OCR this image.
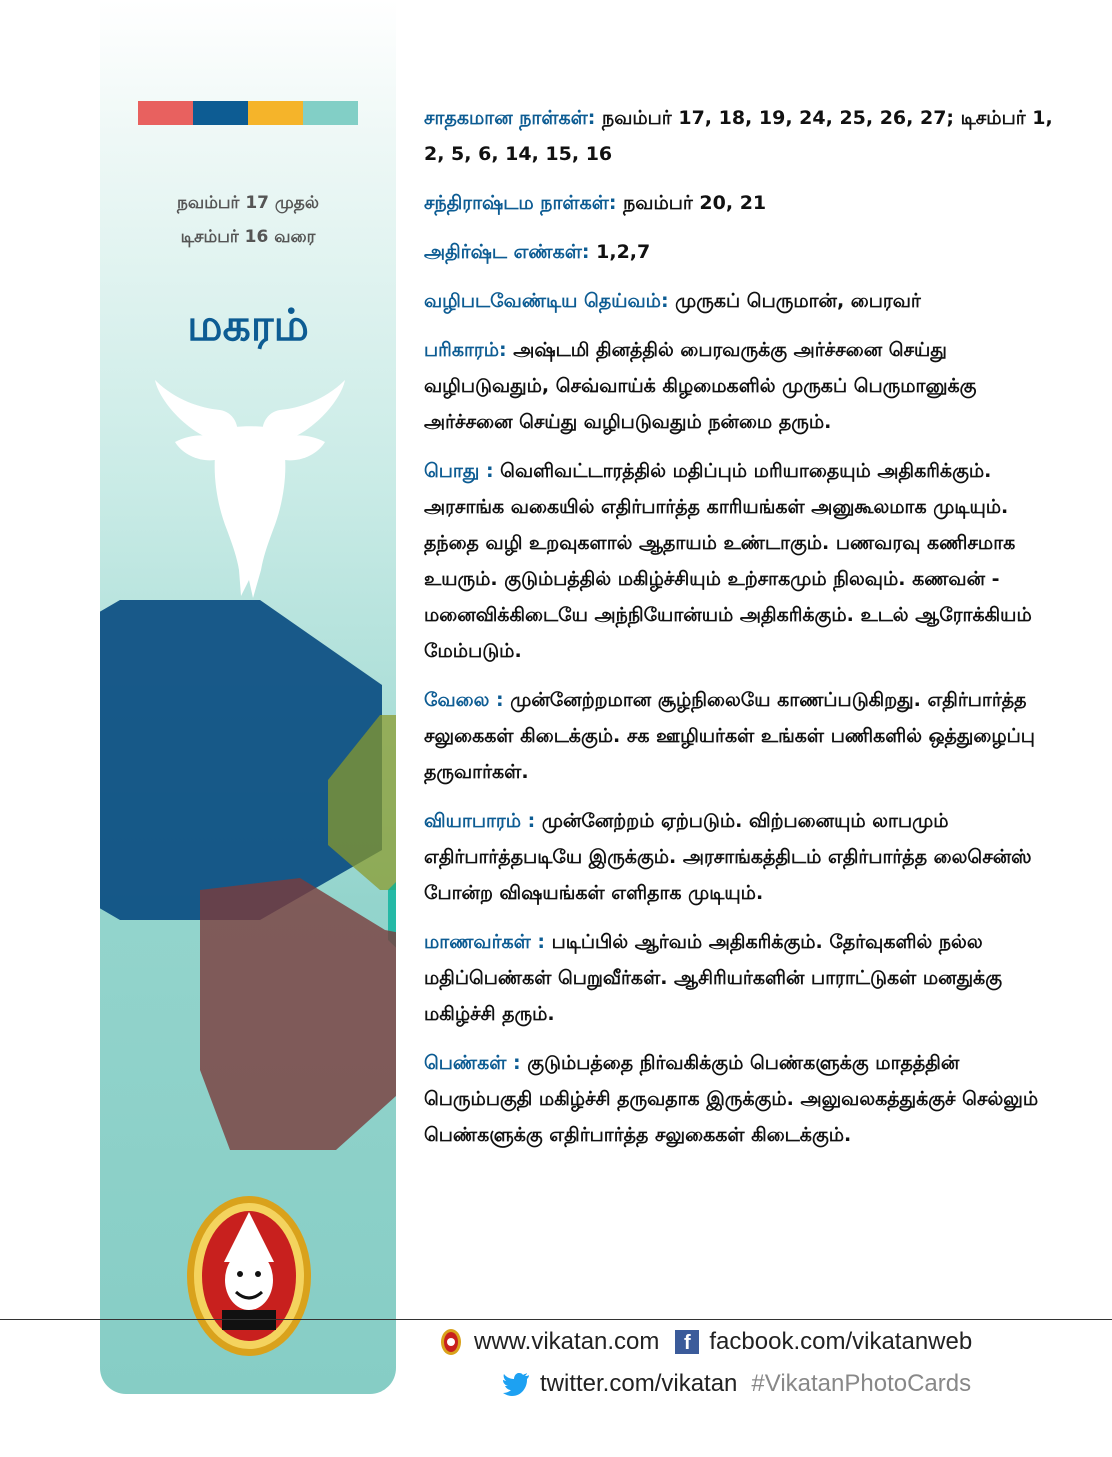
நவம்பர் 17 முதல்
டிசம்பர் 16 வரை
மகரம்

சாதகமான நாள்கள்: நவம்பர் 17, 18, 19, 24, 25, 26, 27; டிசம்பர் 1, 2, 5, 6, 14, 15, 16

சந்திராஷ்டம நாள்கள்: நவம்பர் 20, 21

அதிர்ஷ்ட எண்கள்: 1,2,7

வழிபடவேண்டிய தெய்வம்: முருகப் பெருமான், பைரவர்

பரிகாரம்: அஷ்டமி தினத்தில் பைரவருக்கு அர்ச்சனை செய்து வழிபடுவதும், செவ்வாய்க் கிழமைகளில் முருகப் பெருமானுக்கு அர்ச்சனை செய்து வழிபடுவதும் நன்மை தரும்.

பொது : வெளிவட்டாரத்தில் மதிப்பும் மரியாதையும் அதிகரிக்கும். அரசாங்க வகையில் எதிர்பார்த்த காரியங்கள் அனுகூலமாக முடியும். தந்தை வழி உறவுகளால் ஆதாயம் உண்டாகும். பணவரவு கணிசமாக உயரும். குடும்பத்தில் மகிழ்ச்சியும் உற்சாகமும் நிலவும். கணவன் - மனைவிக்கிடையே அந்நியோன்யம் அதிகரிக்கும். உடல் ஆரோக்கியம் மேம்படும்.

வேலை : முன்னேற்றமான சூழ்நிலையே காணப்படுகிறது. எதிர்பார்த்த சலுகைகள் கிடைக்கும். சக ஊழியர்கள் உங்கள் பணிகளில் ஒத்துழைப்பு தருவார்கள்.

வியாபாரம் : முன்னேற்றம் ஏற்படும். விற்பனையும் லாபமும் எதிர்பார்த்தபடியே இருக்கும். அரசாங்கத்திடம் எதிர்பார்த்த லைசென்ஸ் போன்ற விஷயங்கள் எளிதாக முடியும்.

மாணவர்கள் : படிப்பில் ஆர்வம் அதிகரிக்கும். தேர்வுகளில் நல்ல மதிப்பெண்கள் பெறுவீர்கள். ஆசிரியர்களின் பாராட்டுகள் மனதுக்கு மகிழ்ச்சி தரும்.

பெண்கள் : குடும்பத்தை நிர்வகிக்கும் பெண்களுக்கு மாதத்தின் பெரும்பகுதி மகிழ்ச்சி தருவதாக இருக்கும். அலுவலகத்துக்குச் செல்லும் பெண்களுக்கு எதிர்பார்த்த சலுகைகள் கிடைக்கும்.

www.vikatan.com	f facbook.com/vikatanweb
twitter.com/vikatan #VikatanPhotoCards
